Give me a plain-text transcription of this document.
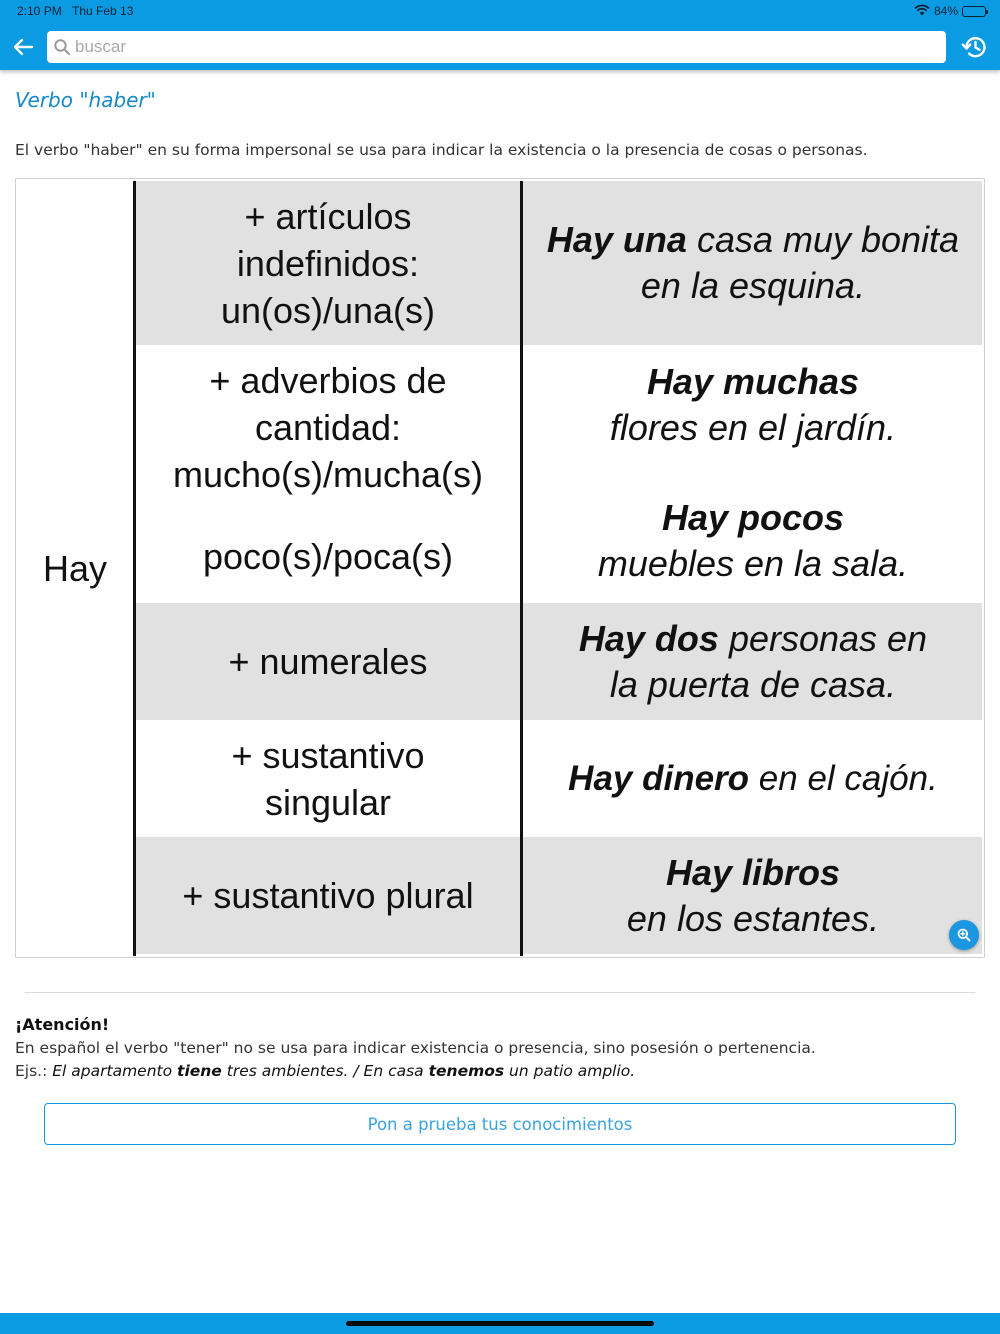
2:10 PM Thu Feb 13	84%
buscar
Verbo "haber"
El verbo "haber" en su forma impersonal se usa para indicar la existencia o la presencia de cosas o personas.
+ artículos
indefinidos:
un(os)/una(s)
Hay una casa muy bonita en la esquina.
+ adverbios de
cantidad:
mucho(s)/mucha(s)
poco(s)/poca(s)
Hay muchas
flores en el jardín.
Hay pocos
muebles en la sala.
+ numerales
Hay dos personas en la puerta de casa.
+ sustantivo
singular
Hay dinero en el cajón.
+ sustantivo plural
Hay libros
en los estantes.
Hay
¡Atención!
En español el verbo "tener" no se usa para indicar existencia o presencia, sino posesión o pertenencia.
Ejs.: El apartamento tiene tres ambientes. / En casa tenemos un patio amplio.
Pon a prueba tus conocimientos
